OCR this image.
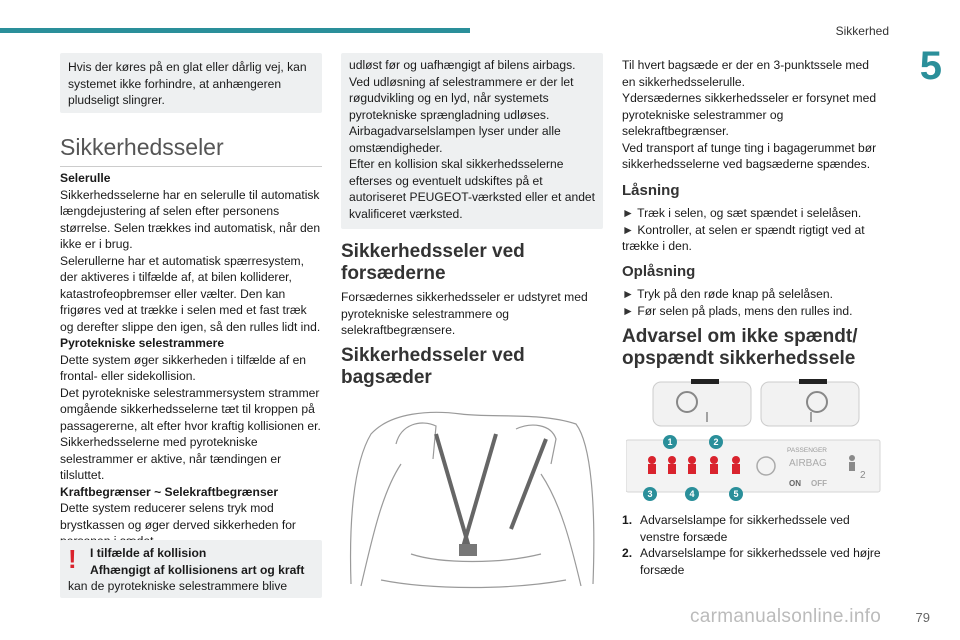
Sikkerhed
5

Hvis der køres på en glat eller dårlig vej, kan systemet ikke forhindre, at anhængeren pludseligt slingrer.

Sikkerhedsseler

Selerulle

Sikkerhedsselerne har en selerulle til automatisk længdejustering af selen efter personens størrelse. Selen trækkes ind automatisk, når den ikke er i brug.

Selerullerne har et automatisk spærresystem, der aktiveres i tilfælde af, at bilen kolliderer, katastrofeopbremser eller vælter. Den kan frigøres ved at trække i selen med et fast træk og derefter slippe den igen, så den rulles lidt ind.

Pyrotekniske selestrammere

Dette system øger sikkerheden i tilfælde af en frontal- eller sidekollision.

Det pyrotekniske selestrammersystem strammer omgående sikkerhedsselerne tæt til kroppen på passagererne, alt efter hvor kraftig kollisionen er.

Sikkerhedsselerne med pyrotekniske selestrammer er aktive, når tændingen er tilsluttet.

Kraftbegrænser ~ Selekraftbegrænser

Dette system reducerer selens tryk mod brystkassen og øger derved sikkerheden for

! I tilfælde af kollision

Afhængigt af kollisionens art og kraft

kan de pyrotekniske selestrammere blive

udløst før og uafhængigt af bilens airbags.

Ved udløsning af selestrammere er der let røgudvikling og en lyd, når systemets pyrotekniske sprængladning udløses.

Airbagadvarselslampen lyser under alle omstændigheder.

Efter en kollision skal sikkerhedsselerne efterses og eventuelt udskiftes på et autoriseret PEUGEOT-værksted eller et andet kvalificeret værksted.

Sikkerhedsseler ved forsæderne
Forsædernes sikkerhedsseler er udstyret med pyrotekniske selestrammere og selekraftbegrænsere.
Sikkerhedsseler ved bagsæder

Til hvert bagsæde er der en 3-punktssele med en sikkerhedsselerulle.

Ydersædernes sikkerhedsseler er forsynet med pyrotekniske selestrammer og selekraftbegrænser.

Ved transport af tunge ting i bagagerummet bør sikkerhedsselerne ved bagsæderne spændes.

Låsning

► Træk i selen, og sæt spændet i selelåsen.

► Kontroller, at selen er spændt rigtigt ved at trække i den.

Oplåsning

► Tryk på den røde knap på selelåsen.

► Før selen på plads, mens den rulles ind.

Advarsel om ikke spændt/ opspændt sikkerhedssele
PASSENGER
AIRBAG
ON OFF
1	2
3	4	5
2
1. Advarselslampe for sikkerhedssele ved venstre forsæde
2. Advarselslampe for sikkerhedssele ved højre forsæde
carmanualsonline.info	79
